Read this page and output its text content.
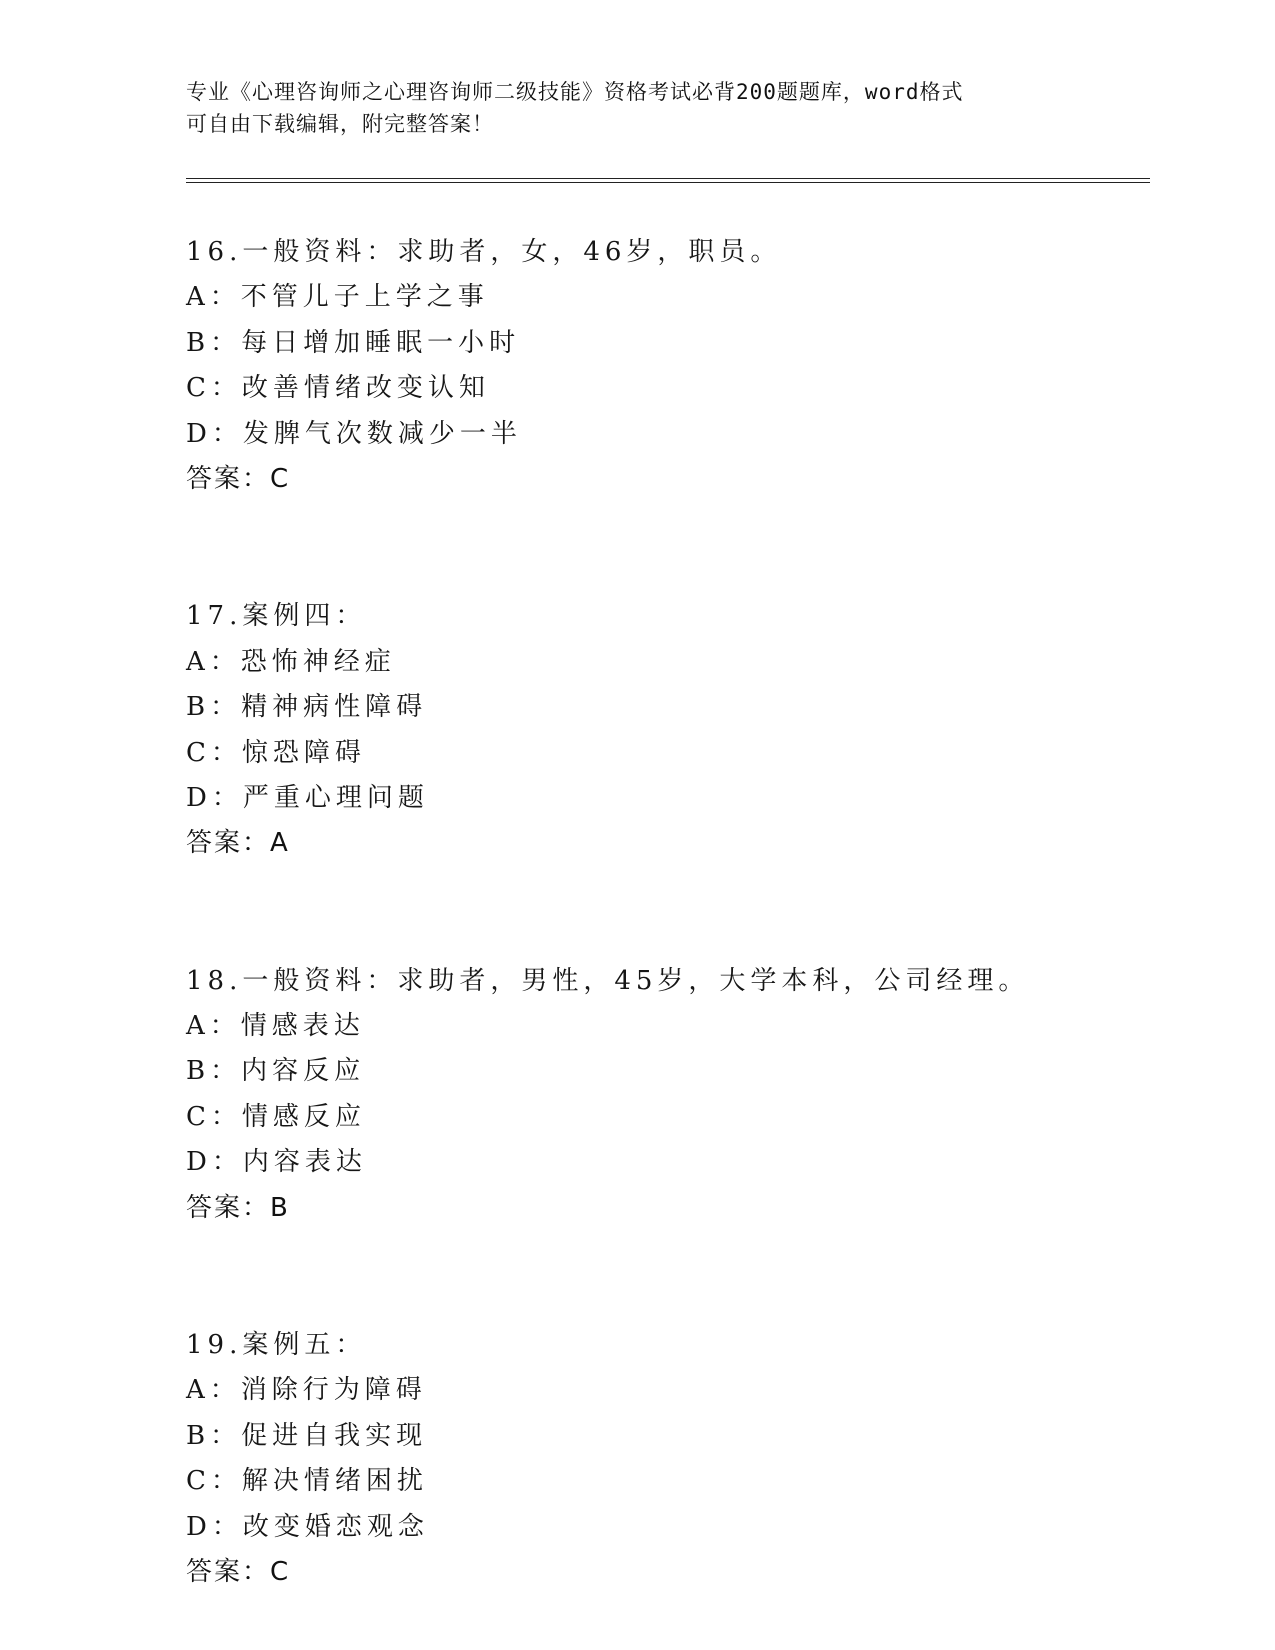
专业《心理咨询师之心理咨询师二级技能》资格考试必背200题题库，word格式
可自由下载编辑，附完整答案！
16.一般资料：求助者，女，46岁，职员。
A：不管儿子上学之事
B：每日增加睡眠一小时
C：改善情绪改变认知
D：发脾气次数减少一半
答案：C
17.案例四：
A：恐怖神经症
B：精神病性障碍
C：惊恐障碍
D：严重心理问题
答案：A
18.一般资料：求助者，男性，45岁，大学本科，公司经理。
A：情感表达
B：内容反应
C：情感反应
D：内容表达
答案：B
19.案例五：
A：消除行为障碍
B：促进自我实现
C：解决情绪困扰
D：改变婚恋观念
答案：C
